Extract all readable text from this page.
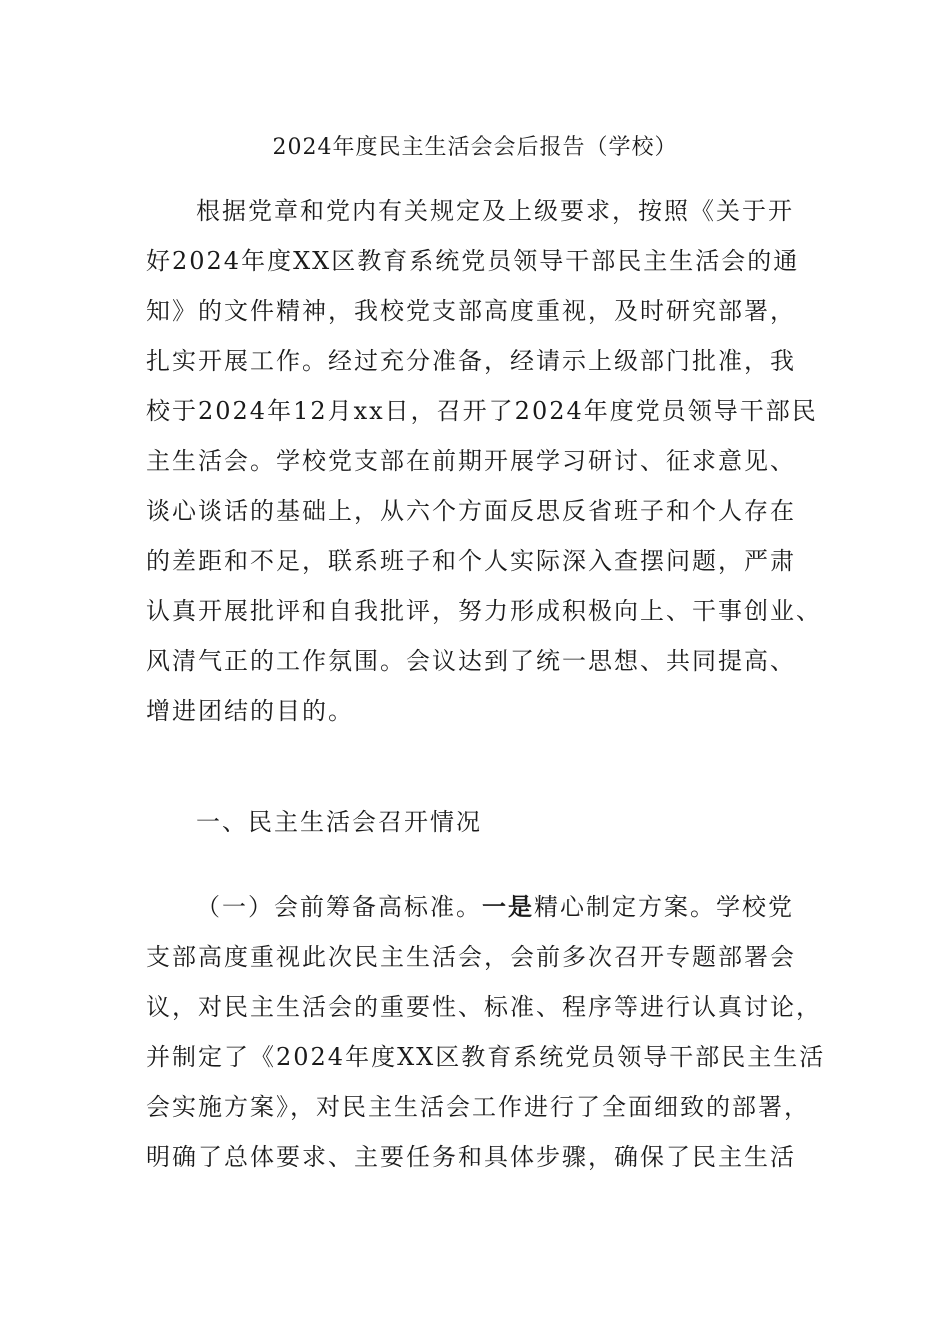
2024年度民主生活会会后报告（学校）
根据党章和党内有关规定及上级要求，按照《关于开
好2024年度XX区教育系统党员领导干部民主生活会的通
知》的文件精神，我校党支部高度重视，及时研究部署，
扎实开展工作。经过充分准备，经请示上级部门批准，我
校于2024年12月xx日，召开了2024年度党员领导干部民
主生活会。学校党支部在前期开展学习研讨、征求意见、
谈心谈话的基础上，从六个方面反思反省班子和个人存在
的差距和不足，联系班子和个人实际深入查摆问题，严肃
认真开展批评和自我批评，努力形成积极向上、干事创业、
风清气正的工作氛围。会议达到了统一思想、共同提高、
增进团结的目的。
一、民主生活会召开情况
（一）会前筹备高标准。一是精心制定方案。学校党
支部高度重视此次民主生活会，会前多次召开专题部署会
议，对民主生活会的重要性、标准、程序等进行认真讨论，
并制定了《2024年度XX区教育系统党员领导干部民主生活
会实施方案》，对民主生活会工作进行了全面细致的部署，
明确了总体要求、主要任务和具体步骤，确保了民主生活
